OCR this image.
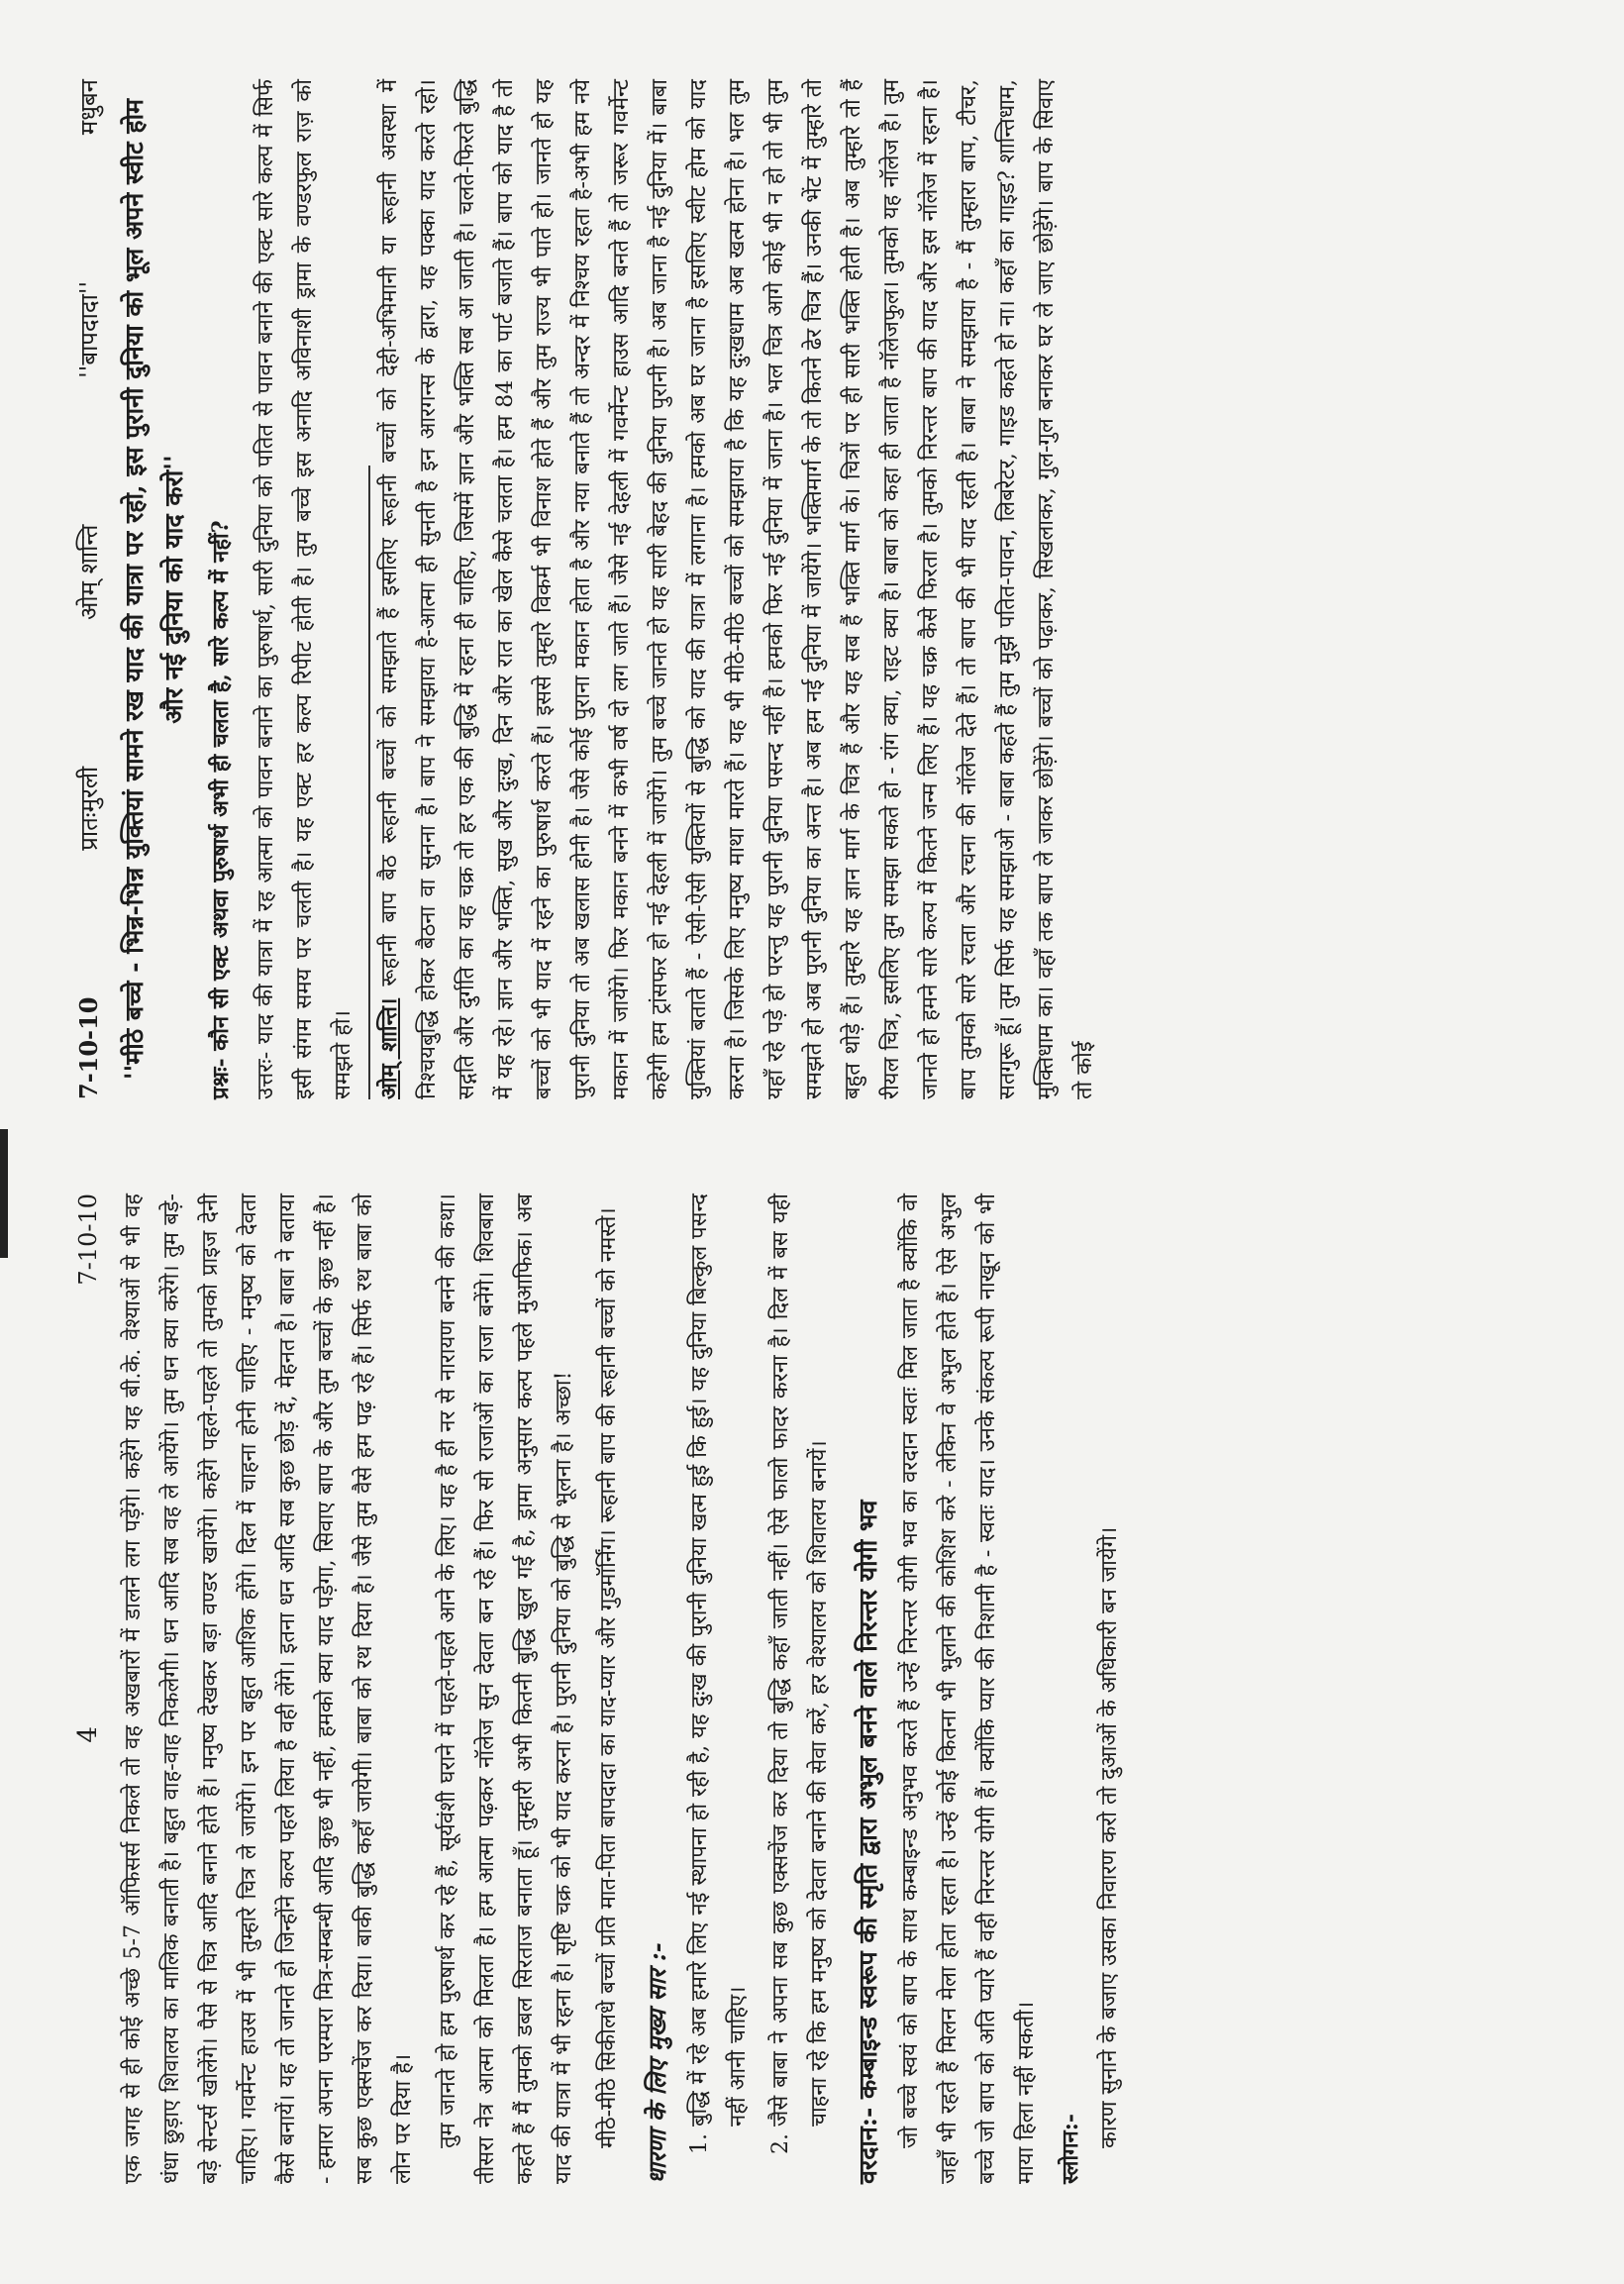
4
7-10-10 एक जगह से ही कोई अच्छे 5-7 ऑफिसर्स निकले तो वह अखबारों में डालने लग पड़ेंगे। कहेंगे यह बी.के. वेश्याओं से भी वह धंधा छुड़ाए शिवालय का मालिक बनाती है। बहुत वाह-वाह निकलेगी। धन आदि सब वह ले आयेंगे। तुम धन क्या करेंगे। तुम बड़े-बड़े सेन्टर्स खोलेंगे। पैसे से चित्र आदि बनाने होते हैं। मनुष्य देखकर बड़ा वण्डर खायेंगे। कहेंगे पहले-पहले तो तुमको प्राइज देनी चाहिए। गवर्मेन्ट हाउस में भी तुम्हारे चित्र ले जायेंगे। इन पर बहुत आशिक होंगे। दिल में चाहना होनी चाहिए - मनुष्य को देवता कैसे बनायें। यह तो जानते हो जिन्होंने कल्प पहले लिया है वही लेंगे। इतना धन आदि सब कुछ छोड़ दें, मेहनत है। बाबा ने बताया - हमारा अपना परम्परा मित्र-सम्बन्धी आदि कुछ भी नहीं, हमको क्या याद पड़ेगा, सिवाए बाप के और तुम बच्चों के कुछ नहीं है। सब कुछ एक्सचेंज कर दिया। बाकी बुद्धि कहाँ जायेगी। बाबा को रथ दिया है। जैसे तुम वैसे हम पढ़ रहे हैं। सिर्फ रथ बाबा को लोन पर दिया है। तुम जानते हो हम पुरुषार्थ कर रहे हैं, सूर्यवंशी घराने में पहले-पहले आने के लिए। यह है ही नर से नारायण बनने की कथा। तीसरा नेत्र आत्मा को मिलता है। हम आत्मा पढ़कर नॉलेज सुन देवता बन रहे हैं। फिर सो राजाओं का राजा बनेंगे। शिवबाबा कहते हैं मैं तुमको डबल सिरताज बनाता हूँ। तुम्हारी अभी कितनी बुद्धि खुल गई है, ड्रामा अनुसार कल्प पहले मुआफिक। अब याद की यात्रा में भी रहना है। सृष्टि चक्र को भी याद करना है। पुरानी दुनिया को बुद्धि से भूलना है। अच्छा! मीठे-मीठे सिकीलधे बच्चों प्रति मात-पिता बापदादा का याद-प्यार और गुडमॉर्निंग। रूहानी बाप की रूहानी बच्चों को नमस्ते। धारणा के लिए मुख्य सार :- 1. बुद्धि में रहे अब हमारे लिए नई स्थापना हो रही है, यह दुःख की पुरानी दुनिया खत्म हुई कि हुई। यह दुनिया बिल्कुल पसन्द नहीं आनी चाहिए। 2. जैसे बाबा ने अपना सब कुछ एक्सचेंज कर दिया तो बुद्धि कहाँ जाती नहीं। ऐसे फालो फादर करना है। दिल में बस यही चाहना रहे कि हम मनुष्य को देवता बनाने की सेवा करें, हर वेश्यालय को शिवालय बनायें। वरदान:- कम्बाइन्ड स्वरूप की स्मृति द्वारा अभुल बनने वाले निरन्तर योगी भव जो बच्चे स्वयं को बाप के साथ कम्बाइन्ड अनुभव करते हैं उन्हें निरन्तर योगी भव का वरदान स्वतः मिल जाता है क्योंकि वो जहाँ भी रहते हैं मिलन मेला होता रहता है। उन्हें कोई कितना भी भुलाने की कोशिश करे - लेकिन वे अभुल होते हैं। ऐसे अभुल बच्चे जो बाप को अति प्यारे हैं वही निरन्तर योगी हैं। क्योंकि प्यार की निशानी है - स्वतः याद। उनके संकल्प रूपी नाखून को भी माया हिला नहीं सकती। स्लोगन:-

कारण सुनाने के बजाए उसका निवारण करो तो दुआओं के अधिकारी बन जायेंगे।

7-10-10
प्रातःमुरली
ओम् शान्ति
''बापदादा''
मधुबन ''मीठे बच्चे - भिन्न-भिन्न युक्तियां सामने रख याद की यात्रा पर रहो, इस पुरानी दुनिया को भूल अपने स्वीट होम और नई दुनिया को याद करो'' प्रश्नः- कौन सी एक्ट अथवा पुरुषार्थ अभी ही चलता है, सारे कल्प में नहीं? उत्तरः- याद की यात्रा में रह आत्मा को पावन बनाने का पुरुषार्थ, सारी दुनिया को पतित से पावन बनाने की एक्ट सारे कल्प में सिर्फ इसी संगम समय पर चलती है। यह एक्ट हर कल्प रिपीट होती है। तुम बच्चे इस अनादि अविनाशी ड्रामा के वण्डरफुल राज़ को समझते हो। ओम् शान्ति। रूहानी बाप बैठ रूहानी बच्चों को समझाते हैं इसलिए रूहानी बच्चों को देही-अभिमानी या रूहानी अवस्था में निश्चयबुद्धि होकर बैठना वा सुनना है। बाप ने समझाया है-आत्मा ही सुनती है इन आरगन्स के द्वारा, यह पक्का याद करते रहो। सद्गति और दुर्गति का यह चक्र तो हर एक की बुद्धि में रहना ही चाहिए, जिसमें ज्ञान और भक्ति सब आ जाती है। चलते-फिरते बुद्धि में यह रहे। ज्ञान और भक्ति, सुख और दुःख, दिन और रात का खेल कैसे चलता है। हम 84 का पार्ट बजाते हैं। बाप को याद है तो बच्चों को भी याद में रहने का पुरुषार्थ करते हैं। इससे तुम्हारे विकर्म भी विनाश होते हैं और तुम राज्य भी पाते हो। जानते हो यह पुरानी दुनिया तो अब खलास होनी है। जैसे कोई पुराना मकान होता है और नया बनाते हैं तो अन्दर में निश्चय रहता है-अभी हम नये मकान में जायेंगे। फिर मकान बनने में कभी वर्ष दो लग जाते हैं। जैसे नई देहली में गवर्मेन्ट हाउस आदि बनते हैं तो जरूर गवर्मेन्ट कहेगी हम ट्रांसफर हो नई देहली में जायेंगे। तुम बच्चे जानते हो यह सारी बेहद की दुनिया पुरानी है। अब जाना है नई दुनिया में। बाबा युक्तियां बताते हैं - ऐसी-ऐसी युक्तियों से बुद्धि को याद की यात्रा में लगाना है। हमको अब घर जाना है इसलिए स्वीट होम को याद करना है। जिसके लिए मनुष्य माथा मारते हैं। यह भी मीठे-मीठे बच्चों को समझाया है कि यह दुःखधाम अब खत्म होना है। भल तुम यहाँ रहे पड़े हो परन्तु यह पुरानी दुनिया पसन्द नहीं है। हमको फिर नई दुनिया में जाना है। भल चित्र आगे कोई भी न हो तो भी तुम समझते हो अब पुरानी दुनिया का अन्त है। अब हम नई दुनिया में जायेंगे। भक्तिमार्ग के तो कितने ढेर चित्र हैं। उनकी भेंट में तुम्हारे तो बहुत थोड़े हैं। तुम्हारे यह ज्ञान मार्ग के चित्र हैं और यह सब हैं भक्ति मार्ग के। चित्रों पर ही सारी भक्ति होती है। अब तुम्हारे तो हैं रीयल चित्र, इसलिए तुम समझा सकते हो - रांग क्या, राइट क्या है। बाबा को कहा ही जाता है नॉलेजफुल। तुमको यह नॉलेज है। तुम जानते हो हमने सारे कल्प में कितने जन्म लिए हैं। यह चक्र कैसे फिरता है। तुमको निरन्तर बाप की याद और इस नॉलेज में रहना है। बाप तुमको सारे रचता और रचना की नॉलेज देते हैं। तो बाप की भी याद रहती है। बाबा ने समझाया है - मैं तुम्हारा बाप, टीचर, सतगुरू हूँ। तुम सिर्फ यह समझाओ - बाबा कहते हैं तुम मुझे पतित-पावन, लिबरेटर, गाइड कहते हो ना। कहाँ का गाइड? शान्तिधाम, मुक्तिधाम का। वहाँ तक बाप ले जाकर छोड़ेंगे। बच्चों को पढ़ाकर, सिखलाकर, गुल-गुल बनाकर घर ले जाए छोड़ेंगे। बाप के सिवाए तो कोई
